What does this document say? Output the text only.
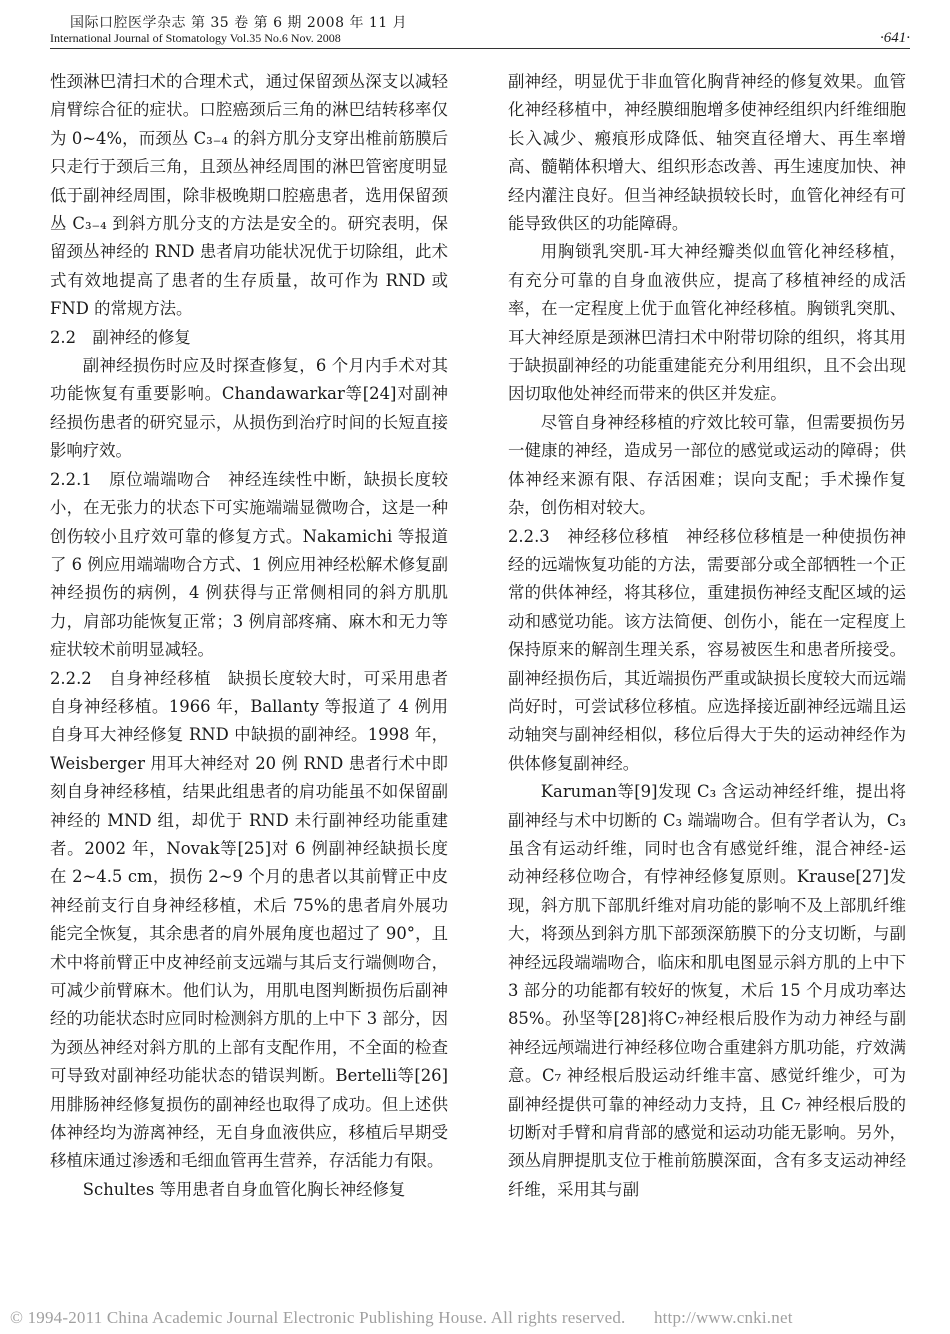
国际口腔医学杂志 第 35 卷 第 6 期 2008 年 11 月
International Journal of Stomatology Vol.35 No.6 Nov. 2008	·641·

性颈淋巴清扫术的合理术式，通过保留颈丛深支以减轻肩臂综合征的症状。口腔癌颈后三角的淋巴结转移率仅为 0~4%，而颈丛 C₃₋₄ 的斜方肌分支穿出椎前筋膜后只走行于颈后三角，且颈丛神经周围的淋巴管密度明显低于副神经周围，除非极晚期口腔癌患者，选用保留颈丛 C₃₋₄ 到斜方肌分支的方法是安全的。研究表明，保留颈丛神经的 RND 患者肩功能状况优于切除组，此术式有效地提高了患者的生存质量，故可作为 RND 或 FND 的常规方法。

2.2　副神经的修复

副神经损伤时应及时探查修复，6 个月内手术对其功能恢复有重要影响。Chandawarkar等[24]对副神经损伤患者的研究显示，从损伤到治疗时间的长短直接影响疗效。

2.2.1　原位端端吻合　神经连续性中断，缺损长度较小，在无张力的状态下可实施端端显微吻合，这是一种创伤较小且疗效可靠的修复方式。Nakamichi 等报道了 6 例应用端端吻合方式、1 例应用神经松解术修复副神经损伤的病例，4 例获得与正常侧相同的斜方肌肌力，肩部功能恢复正常；3 例肩部疼痛、麻木和无力等症状较术前明显减轻。

2.2.2　自身神经移植　缺损长度较大时，可采用患者自身神经移植。1966 年，Ballanty 等报道了 4 例用自身耳大神经修复 RND 中缺损的副神经。1998 年，Weisberger 用耳大神经对 20 例 RND 患者行术中即刻自身神经移植，结果此组患者的肩功能虽不如保留副神经的 MND 组，却优于 RND 未行副神经功能重建者。2002 年，Novak等[25]对 6 例副神经缺损长度在 2~4.5 cm，损伤 2~9 个月的患者以其前臂正中皮神经前支行自身神经移植，术后 75%的患者肩外展功能完全恢复，其余患者的肩外展角度也超过了 90°，且术中将前臂正中皮神经前支远端与其后支行端侧吻合，可减少前臂麻木。他们认为，用肌电图判断损伤后副神经的功能状态时应同时检测斜方肌的上中下 3 部分，因为颈丛神经对斜方肌的上部有支配作用，不全面的检查可导致对副神经功能状态的错误判断。Bertelli等[26]用腓肠神经修复损伤的副神经也取得了成功。但上述供体神经均为游离神经，无自身血液供应，移植后早期受移植床通过渗透和毛细血管再生营养，存活能力有限。

Schultes 等用患者自身血管化胸长神经修复

副神经，明显优于非血管化胸背神经的修复效果。血管化神经移植中，神经膜细胞增多使神经组织内纤维细胞长入减少、瘢痕形成降低、轴突直径增大、再生率增高、髓鞘体积增大、组织形态改善、再生速度加快、神经内灌注良好。但当神经缺损较长时，血管化神经有可能导致供区的功能障碍。

用胸锁乳突肌-耳大神经瓣类似血管化神经移植，有充分可靠的自身血液供应，提高了移植神经的成活率，在一定程度上优于血管化神经移植。胸锁乳突肌、耳大神经原是颈淋巴清扫术中附带切除的组织，将其用于缺损副神经的功能重建能充分利用组织，且不会出现因切取他处神经而带来的供区并发症。

尽管自身神经移植的疗效比较可靠，但需要损伤另一健康的神经，造成另一部位的感觉或运动的障碍；供体神经来源有限、存活困难；误向支配；手术操作复杂，创伤相对较大。

2.2.3　神经移位移植　神经移位移植是一种使损伤神经的远端恢复功能的方法，需要部分或全部牺牲一个正常的供体神经，将其移位，重建损伤神经支配区域的运动和感觉功能。该方法简便、创伤小，能在一定程度上保持原来的解剖生理关系，容易被医生和患者所接受。副神经损伤后，其近端损伤严重或缺损长度较大而远端尚好时，可尝试移位移植。应选择接近副神经远端且运动轴突与副神经相似，移位后得大于失的运动神经作为供体修复副神经。

Karuman等[9]发现 C₃ 含运动神经纤维，提出将副神经与术中切断的 C₃ 端端吻合。但有学者认为，C₃ 虽含有运动纤维，同时也含有感觉纤维，混合神经-运动神经移位吻合，有悖神经修复原则。Krause[27]发现，斜方肌下部肌纤维对肩功能的影响不及上部肌纤维大，将颈丛到斜方肌下部颈深筋膜下的分支切断，与副神经远段端端吻合，临床和肌电图显示斜方肌的上中下 3 部分的功能都有较好的恢复，术后 15 个月成功率达 85%。孙坚等[28]将C₇神经根后股作为动力神经与副神经远颅端进行神经移位吻合重建斜方肌功能，疗效满意。C₇ 神经根后股运动纤维丰富、感觉纤维少，可为副神经提供可靠的神经动力支持，且 C₇ 神经根后股的切断对手臂和肩背部的感觉和运动功能无影响。另外，颈丛肩胛提肌支位于椎前筋膜深面，含有多支运动神经纤维，采用其与副

© 1994-2011 China Academic Journal Electronic Publishing House. All rights reserved. http://www.cnki.net
